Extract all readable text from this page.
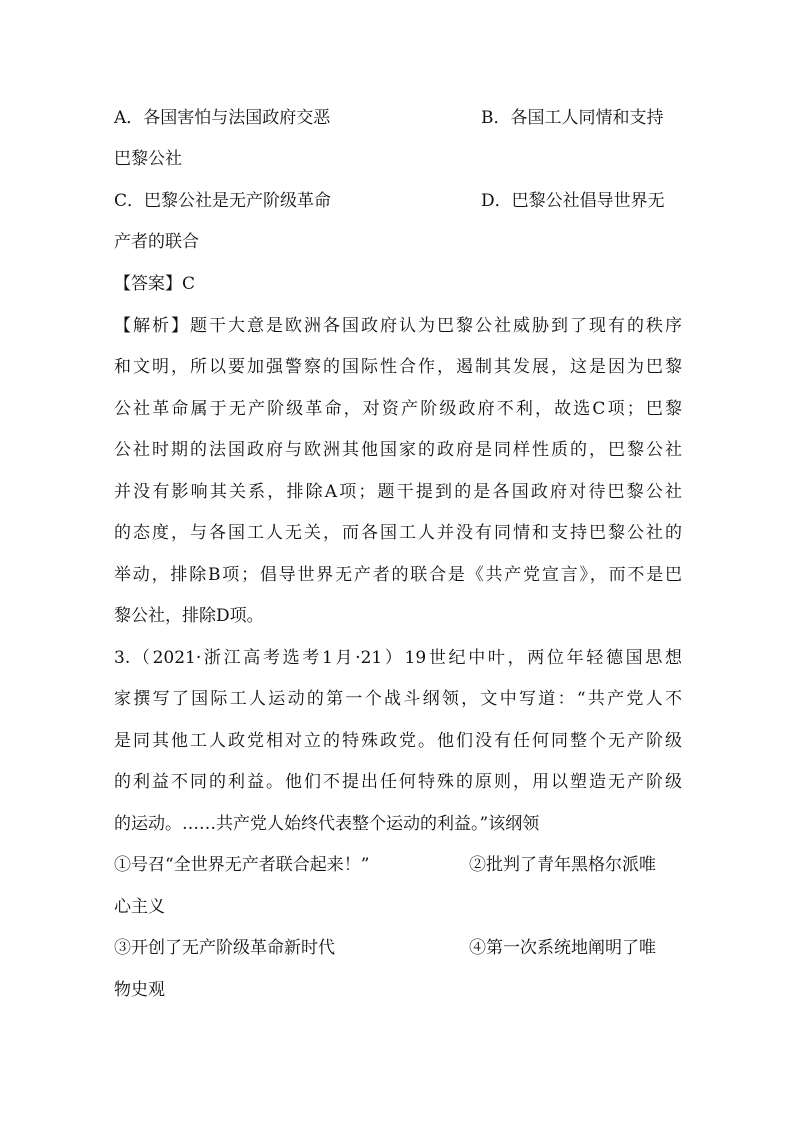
A．各国害怕与法国政府交恶	B．各国工人同情和支持
巴黎公社
C．巴黎公社是无产阶级革命	D．巴黎公社倡导世界无
产者的联合
【答案】C
【解析】题干大意是欧洲各国政府认为巴黎公社威胁到了现有的秩序
和文明，所以要加强警察的国际性合作，遏制其发展，这是因为巴黎
公社革命属于无产阶级革命，对资产阶级政府不利，故选C项；巴黎
公社时期的法国政府与欧洲其他国家的政府是同样性质的，巴黎公社
并没有影响其关系，排除A项；题干提到的是各国政府对待巴黎公社
的态度，与各国工人无关，而各国工人并没有同情和支持巴黎公社的
举动，排除B项；倡导世界无产者的联合是《共产党宣言》，而不是巴
黎公社，排除D项。
3.（2021·浙江高考选考1月·21）19世纪中叶，两位年轻德国思想
家撰写了国际工人运动的第一个战斗纲领，文中写道：“共产党人不
是同其他工人政党相对立的特殊政党。他们没有任何同整个无产阶级
的利益不同的利益。他们不提出任何特殊的原则，用以塑造无产阶级
的运动。……共产党人始终代表整个运动的利益。”该纲领
①号召“全世界无产者联合起来！”	②批判了青年黑格尔派唯
心主义
③开创了无产阶级革命新时代	④第一次系统地阐明了唯
物史观
